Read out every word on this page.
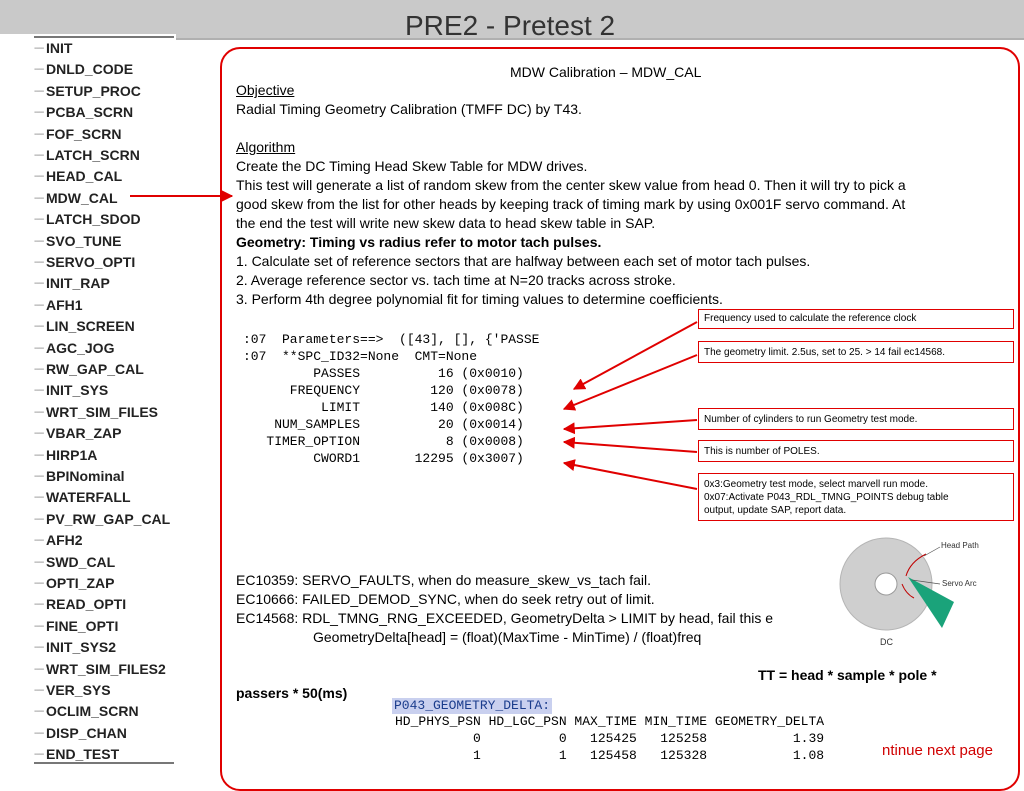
PRE2 - Pretest 2
---- INIT
---- DNLD_CODE
---- SETUP_PROC
---- PCBA_SCRN
---- FOF_SCRN
---- LATCH_SCRN
---- HEAD_CAL
---- MDW_CAL
---- LATCH_SDOD
---- SVO_TUNE
---- SERVO_OPTI
---- INIT_RAP
---- AFH1
---- LIN_SCREEN
---- AGC_JOG
---- RW_GAP_CAL
---- INIT_SYS
---- WRT_SIM_FILES
---- VBAR_ZAP
---- HIRP1A
---- BPINominal
---- WATERFALL
---- PV_RW_GAP_CAL
---- AFH2
---- SWD_CAL
---- OPTI_ZAP
---- READ_OPTI
---- FINE_OPTI
---- INIT_SYS2
---- WRT_SIM_FILES2
---- VER_SYS
---- OCLIM_SCRN
---- DISP_CHAN
---- END_TEST
MDW Calibration – MDW_CAL
Objective
Radial Timing Geometry Calibration (TMFF DC) by T43.
Algorithm
Create the DC Timing Head Skew Table for MDW drives.
This test will generate a list of random skew from the center skew value from head 0. Then it will try to pick a
good skew from the list for other heads by keeping track of timing mark by using 0x001F servo command. At
the end the test will write new skew data to head skew table in SAP.
Geometry: Timing vs radius refer to motor tach pulses.
1. Calculate set of reference sectors that are halfway between each set of motor tach pulses.
2. Average reference sector vs. tach time at N=20 tracks across stroke.
3. Perform 4th degree polynomial fit for timing values to determine coefficients.
:07  Parameters==>  ([43], [], {'PASSE
:07  **SPC_ID32=None  CMT=None
PASSES          16 (0x0010)
FREQUENCY         120 (0x0078)
LIMIT         140 (0x008C)
NUM_SAMPLES          20 (0x0014)
TIMER_OPTION           8 (0x0008)
CWORD1       12295 (0x3007)
Frequency used to calculate the reference clock
The geometry limit. 2.5us, set to 25. > 14 fail ec14568.
Number of cylinders to run Geometry test mode.
This is number of POLES.
0x3:Geometry test mode, select marvell run mode.
0x07:Activate P043_RDL_TMNG_POINTS debug table
output, update SAP, report data.
Head Path
Servo Arc
DC
EC10359: SERVO_FAULTS, when do measure_skew_vs_tach fail.
EC10666: FAILED_DEMOD_SYNC, when do seek retry out of limit.
EC14568: RDL_TMNG_RNG_EXCEEDED, GeometryDelta > LIMIT by head, fail this e
GeometryDelta[head] = (float)(MaxTime - MinTime) / (float)freq
TT = head * sample * pole *
passers * 50(ms)
P043_GEOMETRY_DELTA:
HD_PHYS_PSN HD_LGC_PSN MAX_TIME MIN_TIME GEOMETRY_DELTA
0          0   125425   125258           1.39
1          1   125458   125328           1.08	ntinue next page
